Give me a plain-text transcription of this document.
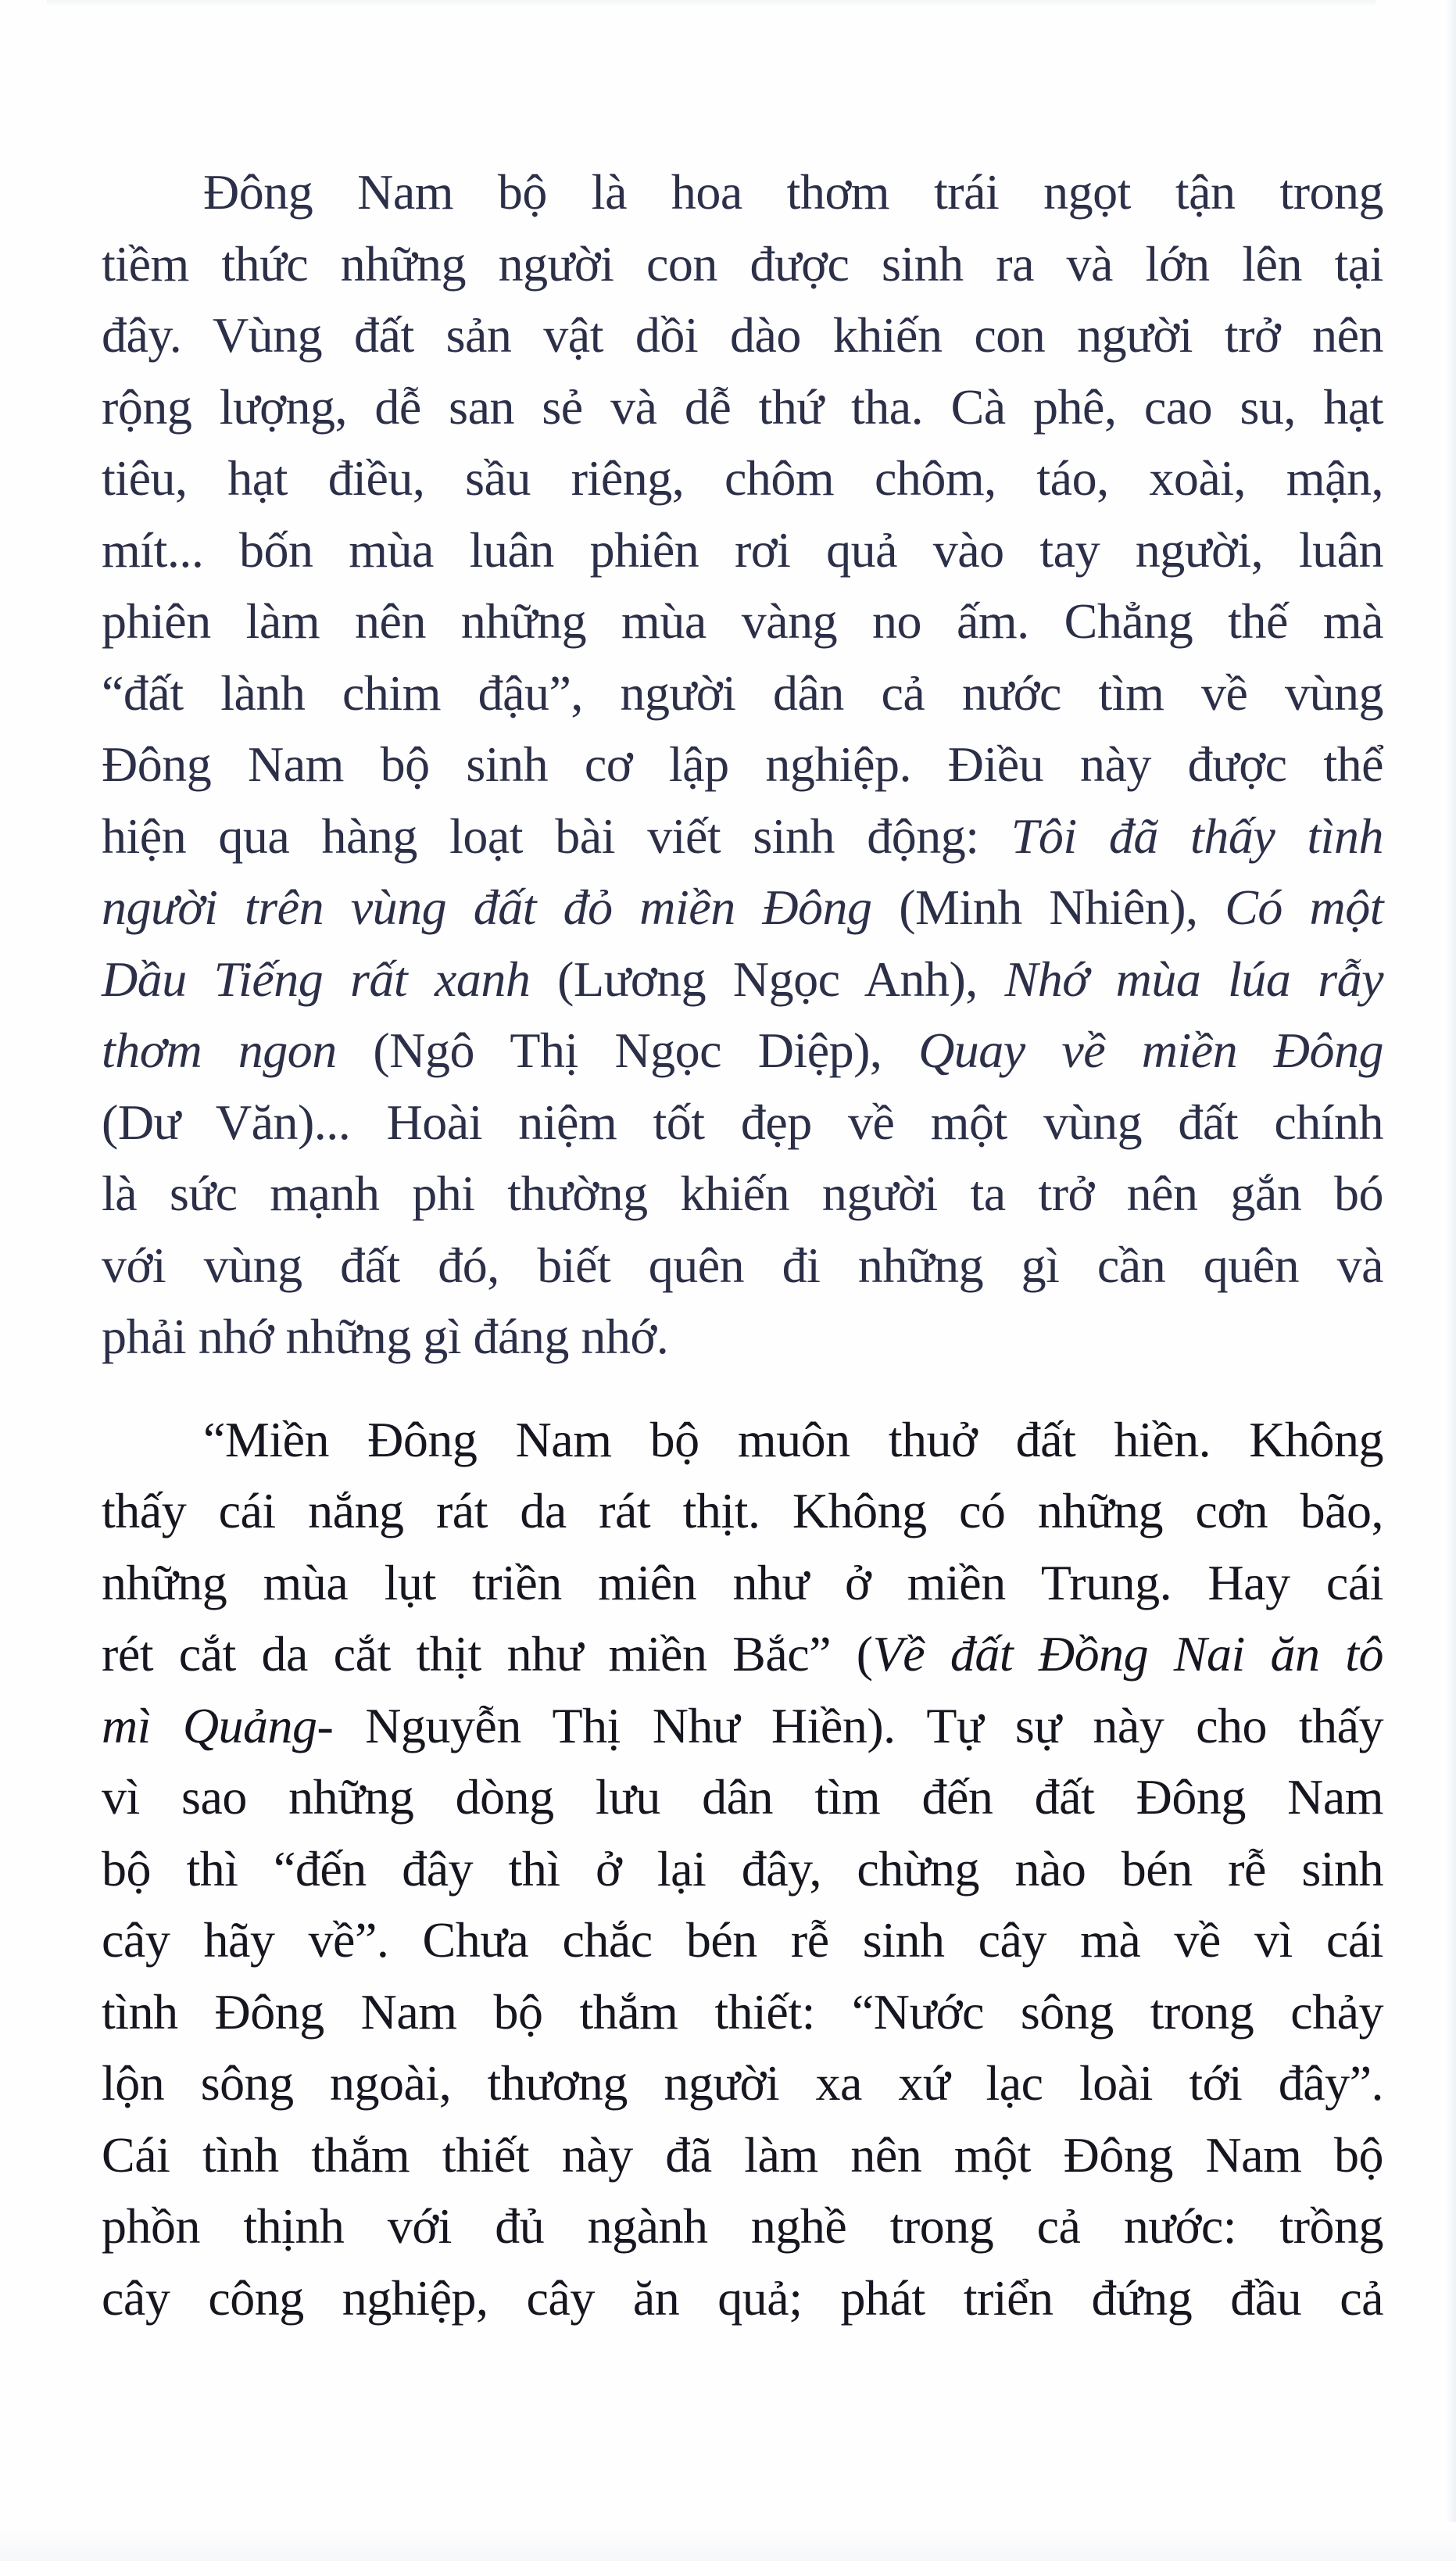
Đông Nam bộ là hoa thơm trái ngọt tận trong
tiềm thức những người con được sinh ra và lớn lên tại
đây. Vùng đất sản vật dồi dào khiến con người trở nên
rộng lượng, dễ san sẻ và dễ thứ tha. Cà phê, cao su, hạt
tiêu, hạt điều, sầu riêng, chôm chôm, táo, xoài, mận,
mít... bốn mùa luân phiên rơi quả vào tay người, luân
phiên làm nên những mùa vàng no ấm. Chẳng thế mà
“đất lành chim đậu”, người dân cả nước tìm về vùng
Đông Nam bộ sinh cơ lập nghiệp. Điều này được thể
hiện qua hàng loạt bài viết sinh động: Tôi đã thấy tình
người trên vùng đất đỏ miền Đông (Minh Nhiên), Có một
Dầu Tiếng rất xanh (Lương Ngọc Anh), Nhớ mùa lúa rẫy
thơm ngon (Ngô Thị Ngọc Diệp), Quay về miền Đông
(Dư Văn)... Hoài niệm tốt đẹp về một vùng đất chính
là sức mạnh phi thường khiến người ta trở nên gắn bó
với vùng đất đó, biết quên đi những gì cần quên và
phải nhớ những gì đáng nhớ.
“Miền Đông Nam bộ muôn thuở đất hiền. Không
thấy cái nắng rát da rát thịt. Không có những cơn bão,
những mùa lụt triền miên như ở miền Trung. Hay cái
rét cắt da cắt thịt như miền Bắc” (Về đất Đồng Nai ăn tô
mì Quảng- Nguyễn Thị Như Hiền). Tự sự này cho thấy
vì sao những dòng lưu dân tìm đến đất Đông Nam
bộ thì “đến đây thì ở lại đây, chừng nào bén rễ sinh
cây hãy về”. Chưa chắc bén rễ sinh cây mà về vì cái
tình Đông Nam bộ thắm thiết: “Nước sông trong chảy
lộn sông ngoài, thương người xa xứ lạc loài tới đây”.
Cái tình thắm thiết này đã làm nên một Đông Nam bộ
phồn thịnh với đủ ngành nghề trong cả nước: trồng
cây công nghiệp, cây ăn quả; phát triển đứng đầu cả
